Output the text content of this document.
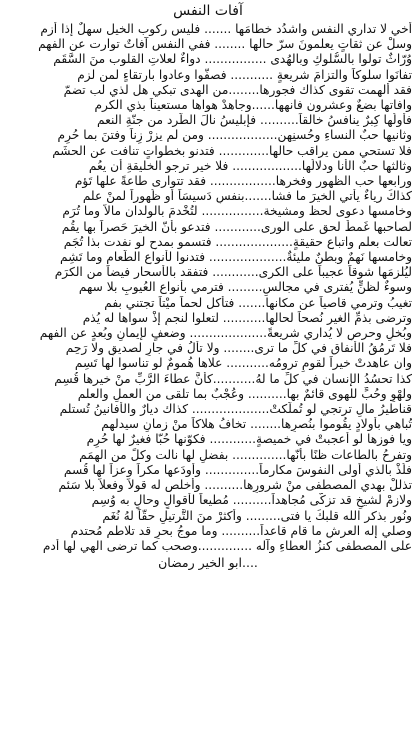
آفات النفس
أخي لا تداري النفس واشدُد خطامَها ....... فليس ركوب الخيل سهلٌ إذا أزم
وسلْ عن ثقاتٍ يعلمونَ سرّ حالها ........ ففي النفس آفاتٌ توارت عن الفهم
وُرّاثٌ تولوا بالسُّلوكِ وبالهُدى ................ دواءٌ لعلاتِ القلوب منَ السَّقَم
تفانَوا سلوكاً والتزامَ شريعةٍ ........... فصفُّوا وعادوا بارتقاءٍ لمن لزم
فقد ألهمت تقوى كذاك فجورها........من الهدى تبكي هل لذي لب تضمّ
وافاتها بضعٌ وعشرون فانهها......وجاهدْ هواها مستعيناً بذي الكرم
فأولُها كِبرٌ ينافسُ خالقاً.......... فإبليسُ نالَ الطَّرد من جنّةِ النعم
وثانيها حبٌ النساءِ وحُسنِهن.................. ومن لم يزرْ زِناً وفتنَ بما حُرِم
فلا تستحي ممن يراقب حالها............. فتدنو بخطواتٍ تنافت عن الحشَم
وثالثها حبٌ الأنا ودلالُها.................. فلا خير ترجو الخليقةِ أن يعُم
ورابعها حب الظهور وفخرها................. فقد تتوارى طاعةً علها تَؤم
كذاكَ رياءٌ يأتي الخيرَ ما فشا.......بنفسٍ دَسيسَاً أو ظُهوراً لمنْ علم
وخامسها دعوى لحظ ومشيخة................ لتُخْدمَ بالولدان مالاً وما تُرَم
لصاحبها غَمطٌ لحق على الورى............ فتدعو بأنّ الخيرَ حَصراً بها يقُم
تعالت بعلم واتباعِ حقيقةٍ.................... فتسمو بمدحٍ لو نفدت بذا تُجَم
وخامسها نَهمٌ وبطنٌ مليئةٌ.................... فتدنوا لأنواعِ الطّعام وما تَشِم
ليُلزمَها شوقاً عجيباً على الكرى............ فتفقد بالأسحار فيضاً من الكرَم
وسوءٌ لظنٍّ يُفترى في مجالسِ......... فترمي بأنواع العُيوبِ بلا سهم
تغيبُ وترمي قاصياً عن مكانها....... فتأكل لحماً ميْتاً تجتني بفم
وترضى بذمِّ الغير نُصحاً لحالها........... لتعلوا لنجمِ إذْ سواها له يُذم
وبُخلٍ وحرصٍ لا يُداري شريعةً.................... وضعفٍ لإيمانٍ وبُعدٍ عن الفهم
فلا تَرمُقُ الأنفاق في كلِّ ما ترى........ ولا تأْلُ في جارٍ لصديقٍ ولا رَحِم
وان عاهدتْ خيراً لقومٍ ترومُه........... علاها هُمومٌ لو تناسوا لها تَسِم
كذا تحسُدُ الإنسان في كلِّ ما لهُ...........كأنَّ عطاءَ الرَّبِّ منْ خيرها قُسِم
ولهْوٍ وحُبٍّ للهوى قائمٌ بها.......... وعُجْبٌ بما تلقى من العملِ والعلم
قناطيرُ مالٍ ترتجي لو تُملَّكتْ.................... كذاك ديارٌ والأفانينُ تُستلم
تُباهي بأولادٍ يقُوموا بنُصرِها........ تخافُ هلاكاً منْ زمانٍ سيدلهم
ويا فوزها لو أعجبتْ في خميصةٍ............ فكوّنها حُبّا فغيرٌ لها حُرِم
وتفرحُ بالطاعات ظنًا بأنّها.............. بفضلٍ لها نالت وكلٍّ من الهِمَم
فلُذْ بالذي أولى النفوسَ مكارماً.............. وأودَعها مكراً وعزاً لها قُسم
تذللْ بهدي المصطفى منْ شرورِها.......... وأخلص له قولاً وفعلاً بلا سَئم
ولازمْ لشيخٍ قد تزكّى مُجاهداً.......... مُطيعاً لأقوالٍ وحالٍ به وُسِم
ونُور بذكر الله قلبكَ يا فتى......... وأكثرْ منَ التَّرتيلِ حقّاً لهُ نُغَم
وصلي إله العرشِ ما قام قاعداً.......... وما موجُ بحرٍ قد تلاطم مُحتدم
على المصطفى كنزُ العطاءِ وآله ..............وصحب كما ترضى الهي لها أدم
....ابو الخير رمضان
